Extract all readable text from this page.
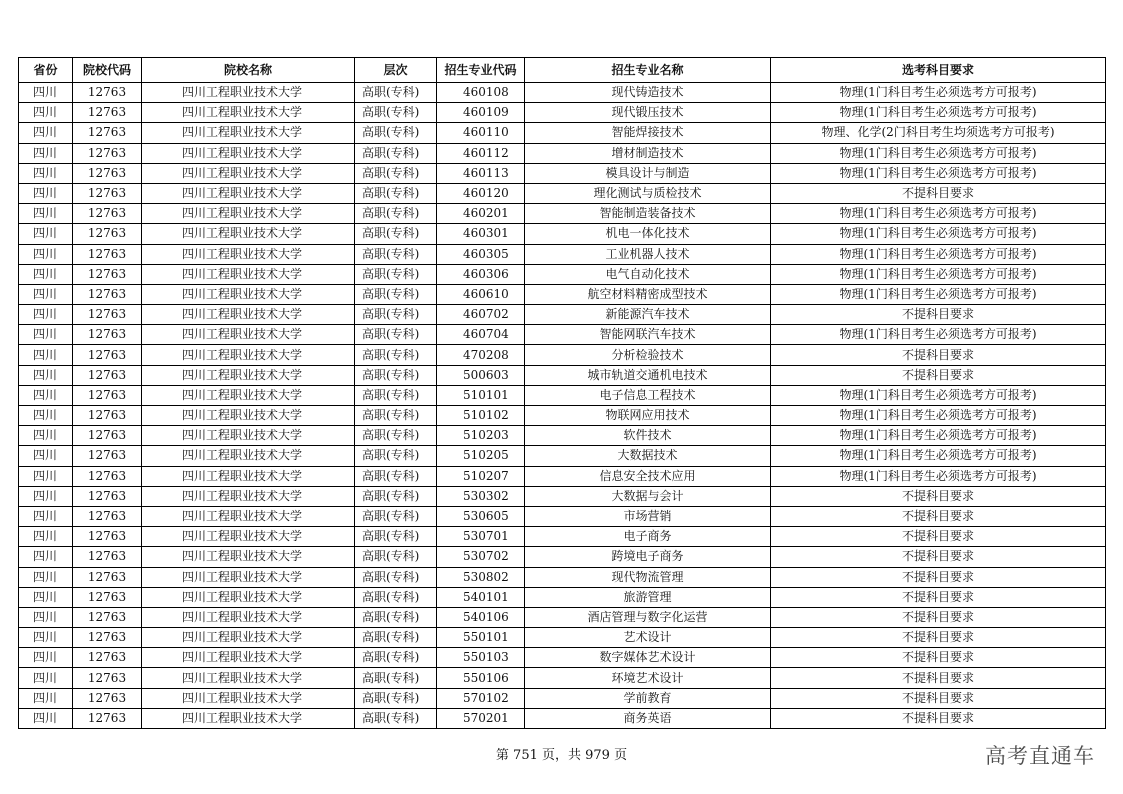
省份	院校代码	院校名称	层次	招生专业代码	招生专业名称	选考科目要求
四川	12763	四川工程职业技术大学	高职(专科)	460108	现代铸造技术	物理(1门科目考生必须选考方可报考)
四川	12763	四川工程职业技术大学	高职(专科)	460109	现代锻压技术	物理(1门科目考生必须选考方可报考)
四川	12763	四川工程职业技术大学	高职(专科)	460110	智能焊接技术	物理、化学(2门科目考生均须选考方可报考)
四川	12763	四川工程职业技术大学	高职(专科)	460112	增材制造技术	物理(1门科目考生必须选考方可报考)
四川	12763	四川工程职业技术大学	高职(专科)	460113	模具设计与制造	物理(1门科目考生必须选考方可报考)
四川	12763	四川工程职业技术大学	高职(专科)	460120	理化测试与质检技术	不提科目要求
四川	12763	四川工程职业技术大学	高职(专科)	460201	智能制造装备技术	物理(1门科目考生必须选考方可报考)
四川	12763	四川工程职业技术大学	高职(专科)	460301	机电一体化技术	物理(1门科目考生必须选考方可报考)
四川	12763	四川工程职业技术大学	高职(专科)	460305	工业机器人技术	物理(1门科目考生必须选考方可报考)
四川	12763	四川工程职业技术大学	高职(专科)	460306	电气自动化技术	物理(1门科目考生必须选考方可报考)
四川	12763	四川工程职业技术大学	高职(专科)	460610	航空材料精密成型技术	物理(1门科目考生必须选考方可报考)
四川	12763	四川工程职业技术大学	高职(专科)	460702	新能源汽车技术	不提科目要求
四川	12763	四川工程职业技术大学	高职(专科)	460704	智能网联汽车技术	物理(1门科目考生必须选考方可报考)
四川	12763	四川工程职业技术大学	高职(专科)	470208	分析检验技术	不提科目要求
四川	12763	四川工程职业技术大学	高职(专科)	500603	城市轨道交通机电技术	不提科目要求
四川	12763	四川工程职业技术大学	高职(专科)	510101	电子信息工程技术	物理(1门科目考生必须选考方可报考)
四川	12763	四川工程职业技术大学	高职(专科)	510102	物联网应用技术	物理(1门科目考生必须选考方可报考)
四川	12763	四川工程职业技术大学	高职(专科)	510203	软件技术	物理(1门科目考生必须选考方可报考)
四川	12763	四川工程职业技术大学	高职(专科)	510205	大数据技术	物理(1门科目考生必须选考方可报考)
四川	12763	四川工程职业技术大学	高职(专科)	510207	信息安全技术应用	物理(1门科目考生必须选考方可报考)
四川	12763	四川工程职业技术大学	高职(专科)	530302	大数据与会计	不提科目要求
四川	12763	四川工程职业技术大学	高职(专科)	530605	市场营销	不提科目要求
四川	12763	四川工程职业技术大学	高职(专科)	530701	电子商务	不提科目要求
四川	12763	四川工程职业技术大学	高职(专科)	530702	跨境电子商务	不提科目要求
四川	12763	四川工程职业技术大学	高职(专科)	530802	现代物流管理	不提科目要求
四川	12763	四川工程职业技术大学	高职(专科)	540101	旅游管理	不提科目要求
四川	12763	四川工程职业技术大学	高职(专科)	540106	酒店管理与数字化运营	不提科目要求
四川	12763	四川工程职业技术大学	高职(专科)	550101	艺术设计	不提科目要求
四川	12763	四川工程职业技术大学	高职(专科)	550103	数字媒体艺术设计	不提科目要求
四川	12763	四川工程职业技术大学	高职(专科)	550106	环境艺术设计	不提科目要求
四川	12763	四川工程职业技术大学	高职(专科)	570102	学前教育	不提科目要求
四川	12763	四川工程职业技术大学	高职(专科)	570201	商务英语	不提科目要求
第 751 页，共 979 页	高考直通车
